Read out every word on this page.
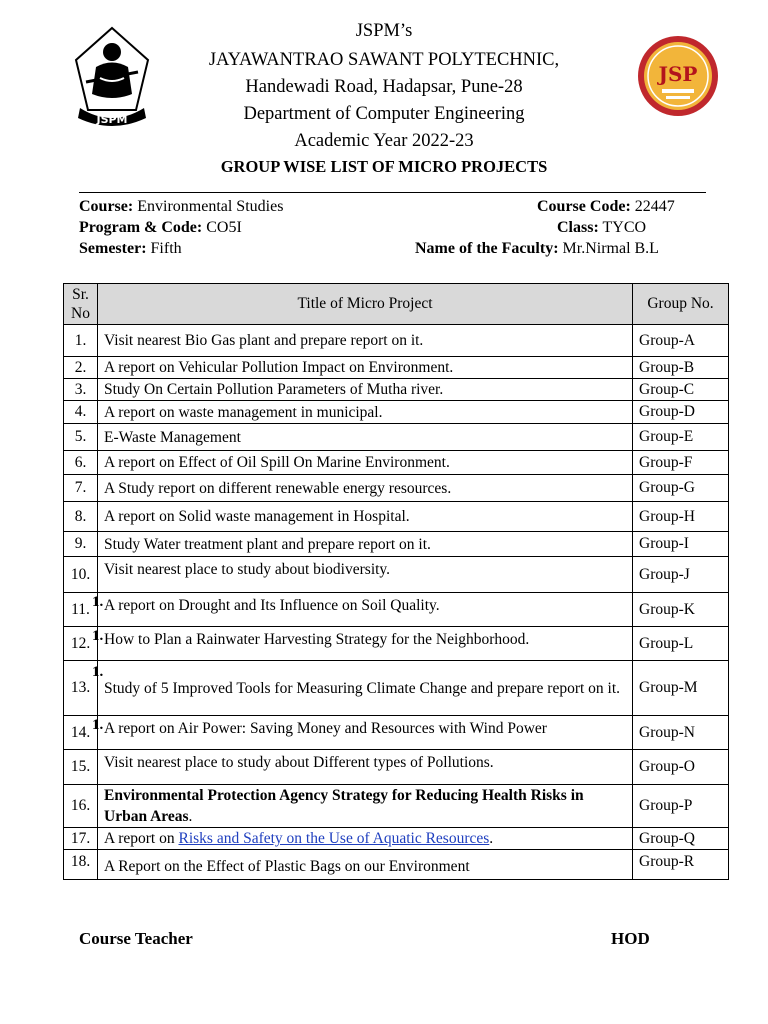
JSPM
JSP
JSPM’s
JAYAWANTRAO SAWANT POLYTECHNIC,
Handewadi Road, Hadapsar, Pune-28
Department of Computer Engineering
Academic Year 2022-23
GROUP WISE LIST OF MICRO PROJECTS
Course: Environmental Studies	Course Code: 22447
Program & Code: CO5I	Class: TYCO
Semester: Fifth	Name of the Faculty: Mr.Nirmal B.L
Sr.
No	Title of Micro Project	Group No.
1.	Visit nearest Bio Gas plant and prepare report on it.	Group-A
2.	A report on Vehicular Pollution Impact on Environment.	Group-B
3.	Study On Certain Pollution Parameters of Mutha river.	Group-C
4.	A report on waste management in municipal.	Group-D
5.	E-Waste Management	Group-E
6.	A report on Effect of Oil Spill On Marine Environment.	Group-F
7.	A Study report on different renewable energy resources.	Group-G
8.	A report on Solid waste management in Hospital.	Group-H
9.	Study Water treatment plant and prepare report on it.	Group-I
10.	Visit nearest place to study about biodiversity.	Group-J
11. 1.	A report on Drought and Its Influence on Soil Quality.	Group-K
12. 1.	How to Plan a Rainwater Harvesting Strategy for the Neighborhood.	Group-L

1.
13.	Study of 5 Improved Tools for Measuring Climate Change and prepare report on it.	Group-M
14. 1.	A report on Air Power: Saving Money and Resources with Wind Power	Group-N
15.	Visit nearest place to study about Different types of Pollutions.	Group-O
16.	Environmental Protection Agency Strategy for Reducing Health Risks in Urban Areas.	Group-P
17.	A report on Risks and Safety on the Use of Aquatic Resources.	Group-Q
18.	A Report on the Effect of Plastic Bags on our Environment	Group-R
Course Teacher	HOD
